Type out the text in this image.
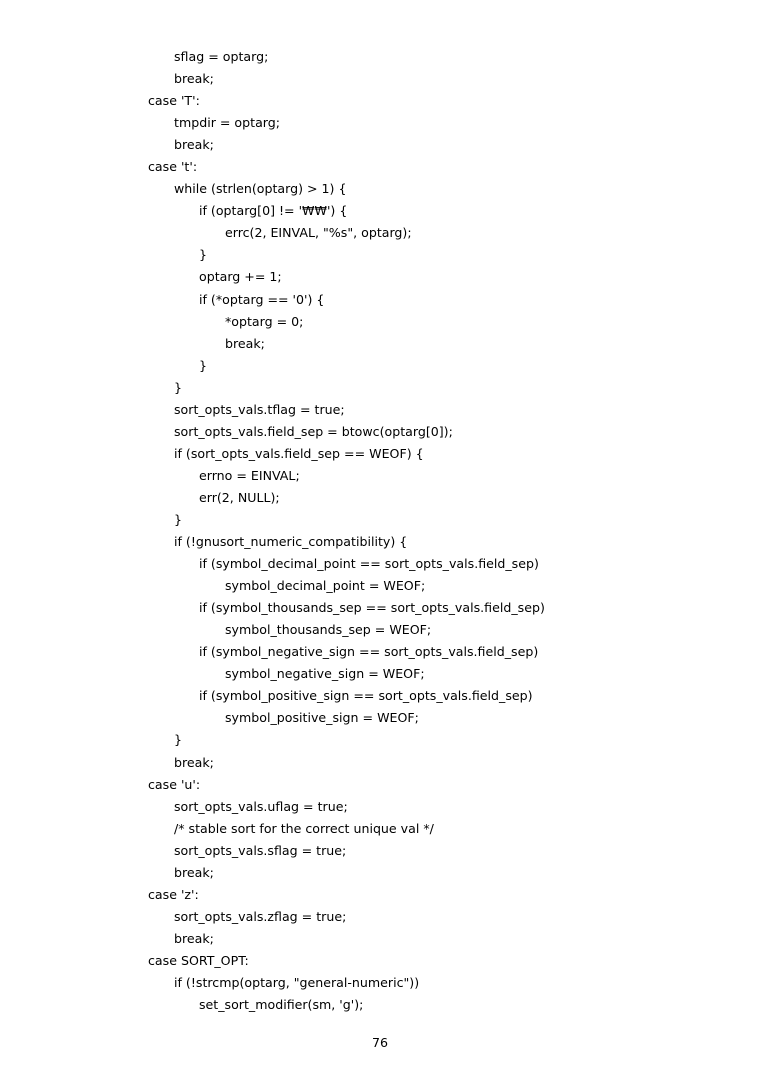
sflag = optarg;
break;
case 'T':
tmpdir = optarg;
break;
case 't':
while (strlen(optarg) > 1) {
if (optarg[0] != '₩₩') {
errc(2, EINVAL, "%s", optarg);
}
optarg += 1;
if (*optarg == '0') {
*optarg = 0;
break;
}
}
sort_opts_vals.tflag = true;
sort_opts_vals.field_sep = btowc(optarg[0]);
if (sort_opts_vals.field_sep == WEOF) {
errno = EINVAL;
err(2, NULL);
}
if (!gnusort_numeric_compatibility) {
if (symbol_decimal_point == sort_opts_vals.field_sep)
symbol_decimal_point = WEOF;
if (symbol_thousands_sep == sort_opts_vals.field_sep)
symbol_thousands_sep = WEOF;
if (symbol_negative_sign == sort_opts_vals.field_sep)
symbol_negative_sign = WEOF;
if (symbol_positive_sign == sort_opts_vals.field_sep)
symbol_positive_sign = WEOF;
}
break;
case 'u':
sort_opts_vals.uflag = true;
/* stable sort for the correct unique val */
sort_opts_vals.sflag = true;
break;
case 'z':
sort_opts_vals.zflag = true;
break;
case SORT_OPT:
if (!strcmp(optarg, "general-numeric"))
set_sort_modifier(sm, 'g');
76
